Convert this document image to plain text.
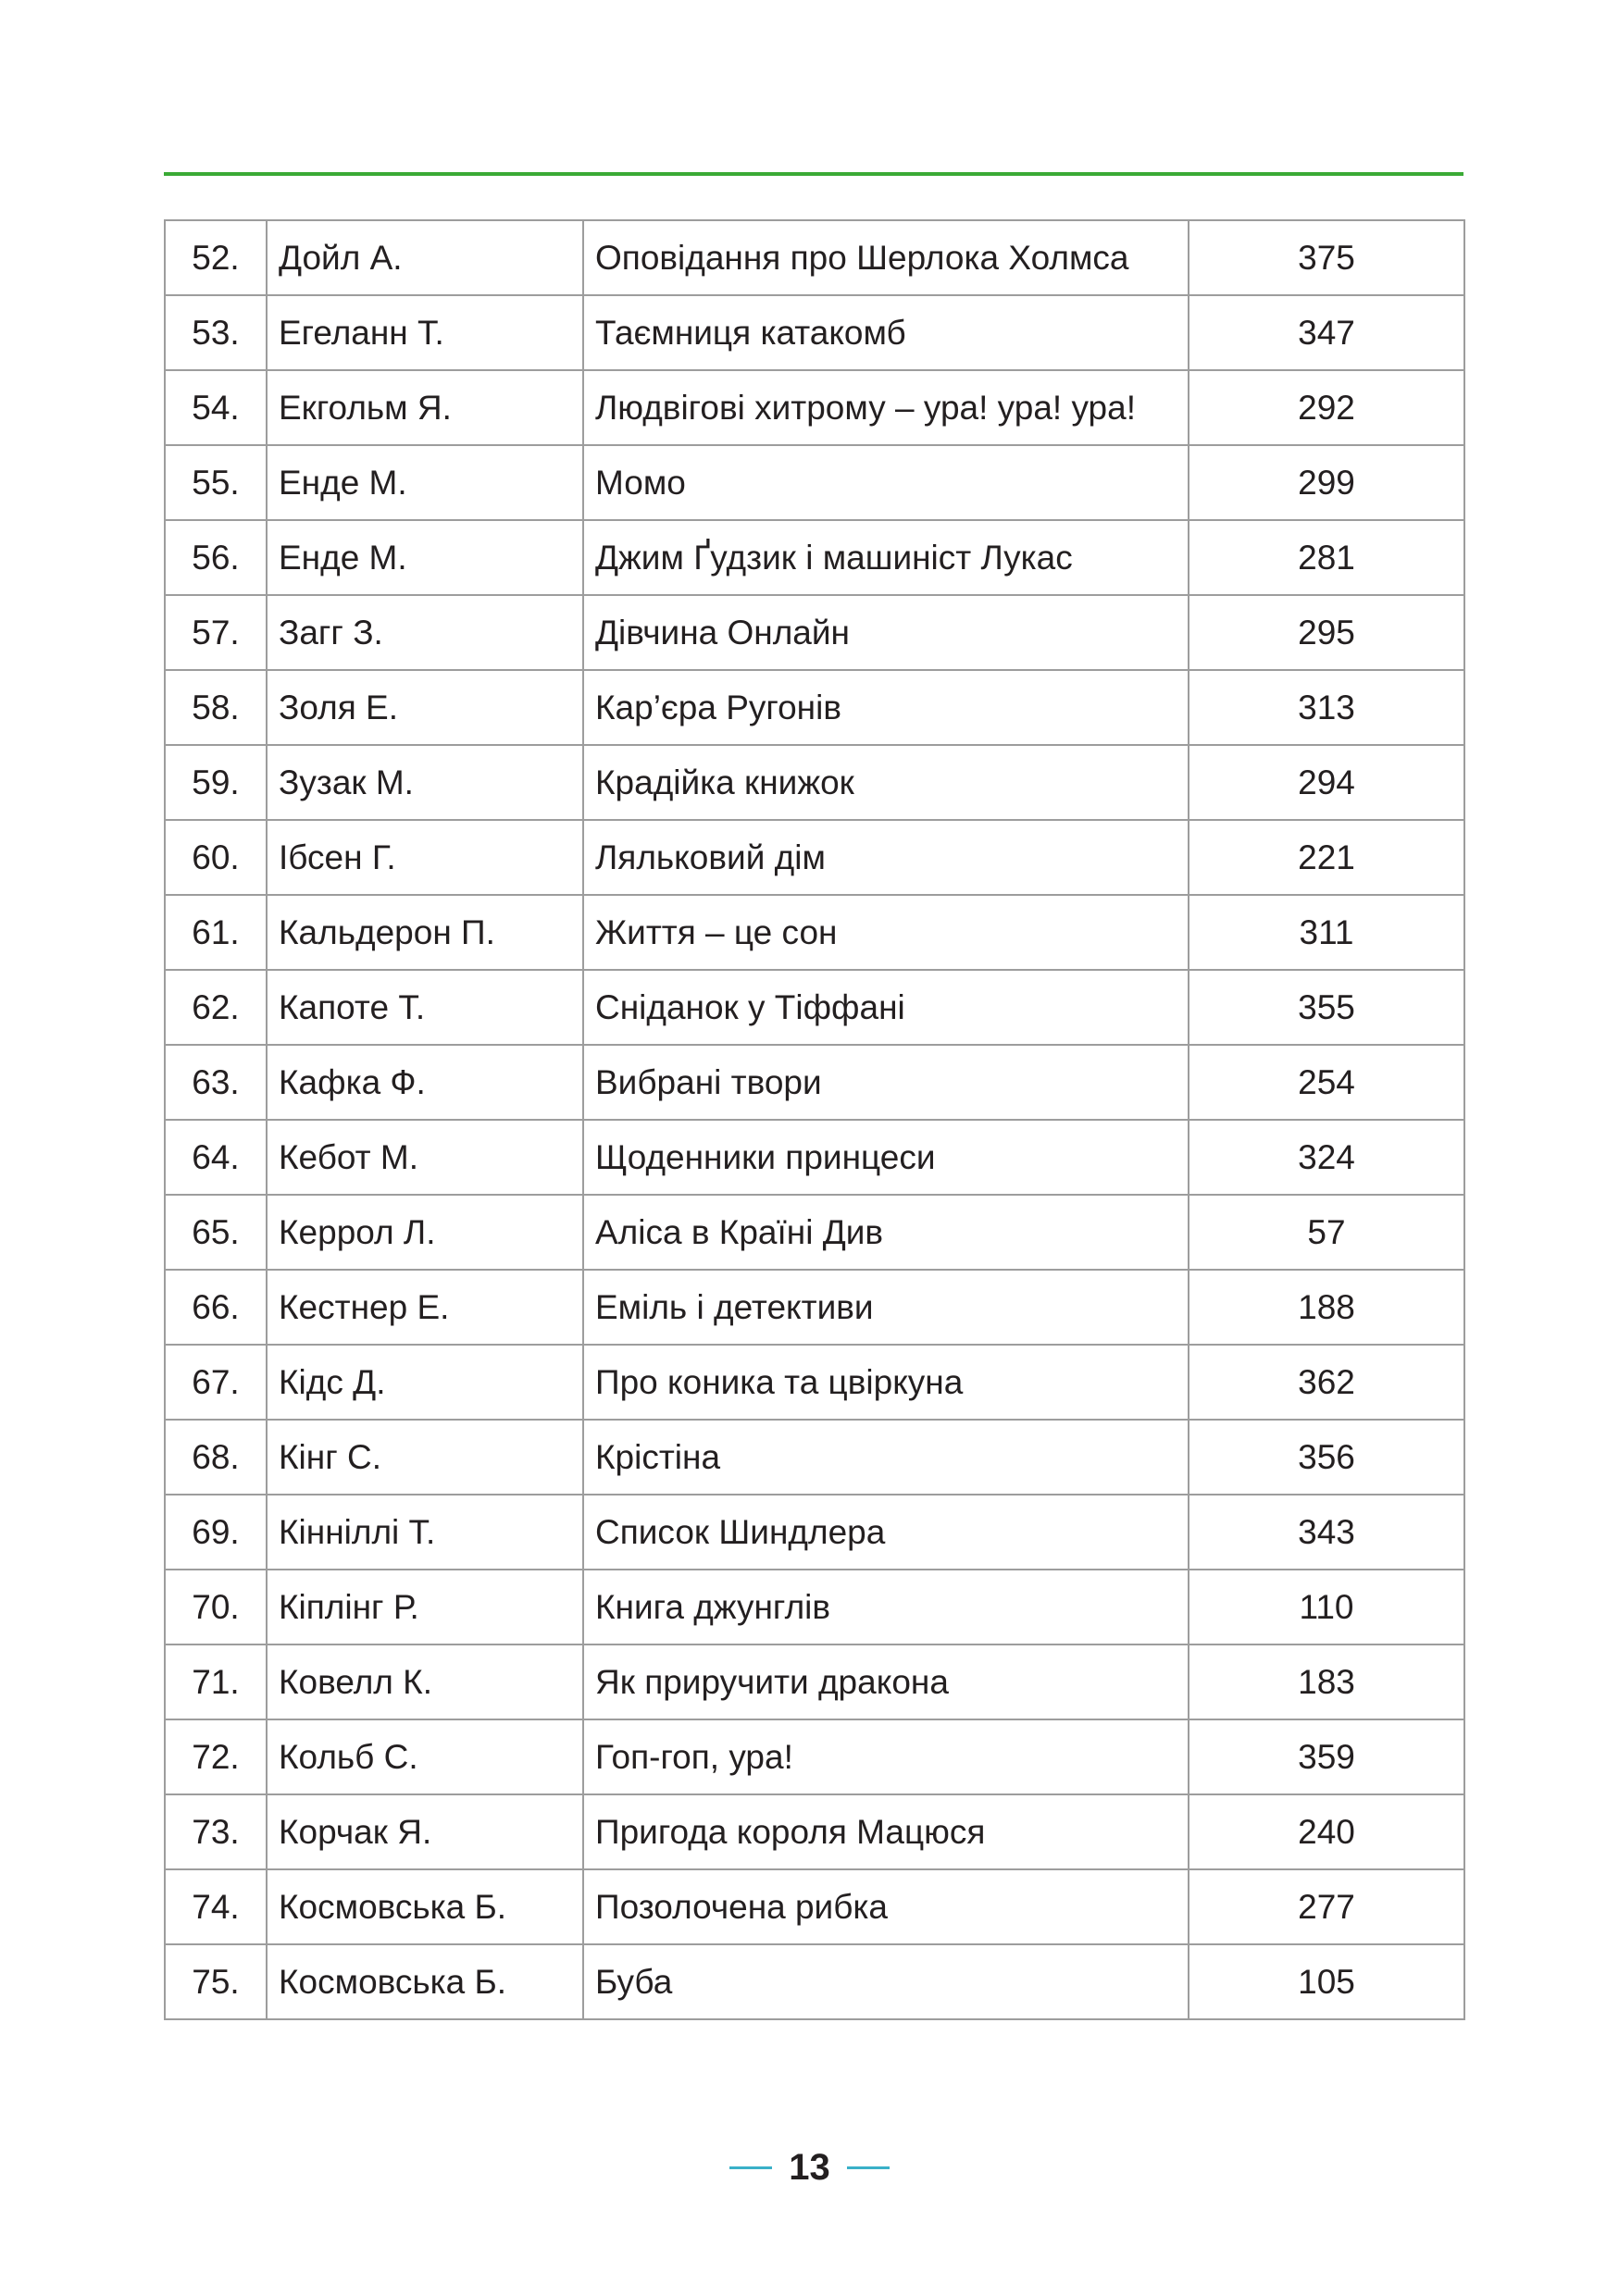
52.	Дойл А.	Оповідання про Шерлока Холмса	375
53.	Егеланн Т.	Таємниця катакомб	347
54.	Екгольм Я.	Людвігові хитрому – ура! ура! ура!	292
55.	Енде М.	Момо	299
56.	Енде М.	Джим Ґудзик і машиніст Лукас	281
57.	Загг З.	Дівчина Онлайн	295
58.	Золя Е.	Кар’єра Ругонів	313
59.	Зузак М.	Крадійка книжок	294
60.	Ібсен Г.	Ляльковий дім	221
61.	Кальдерон П.	Життя – це сон	311
62.	Капоте Т.	Сніданок у Тіффані	355
63.	Кафка Ф.	Вибрані твори	254
64.	Кебот М.	Щоденники принцеси	324
65.	Керрол Л.	Аліса в Країні Див	57
66.	Кестнер Е.	Еміль і детективи	188
67.	Кідс Д.	Про коника та цвіркуна	362
68.	Кінг С.	Крістіна	356
69.	Кінніллі Т.	Список Шиндлера	343
70.	Кіплінг Р.	Книга джунглів	110
71.	Ковелл К.	Як приручити дракона	183
72.	Кольб С.	Гоп-гоп, ура!	359
73.	Корчак Я.	Пригода короля Мацюся	240
74.	Космовська Б.	Позолочена рибка	277
75.	Космовська Б.	Буба	105
13
